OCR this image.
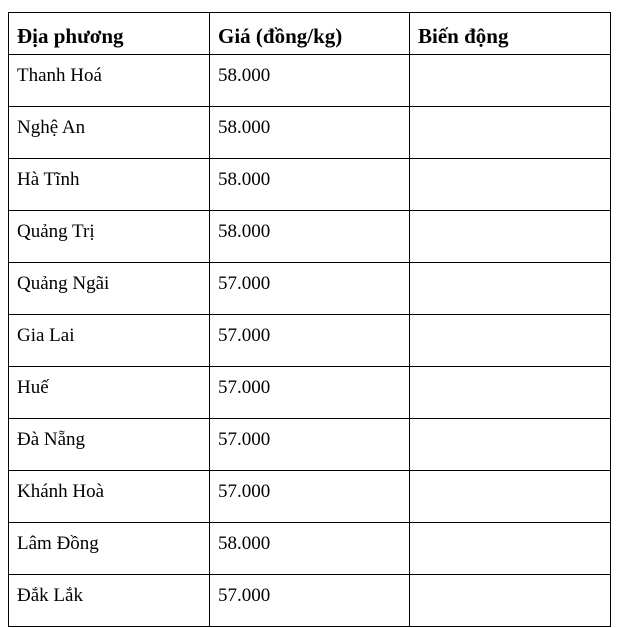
Địa phương	Giá (đồng/kg)	Biến động
Thanh Hoá	58.000	
Nghệ An	58.000	
Hà Tĩnh	58.000	
Quảng Trị	58.000	
Quảng Ngãi	57.000	
Gia Lai	57.000	
Huế	57.000	
Đà Nẵng	57.000	
Khánh Hoà	57.000	
Lâm Đồng	58.000	
Đắk Lắk	57.000	
